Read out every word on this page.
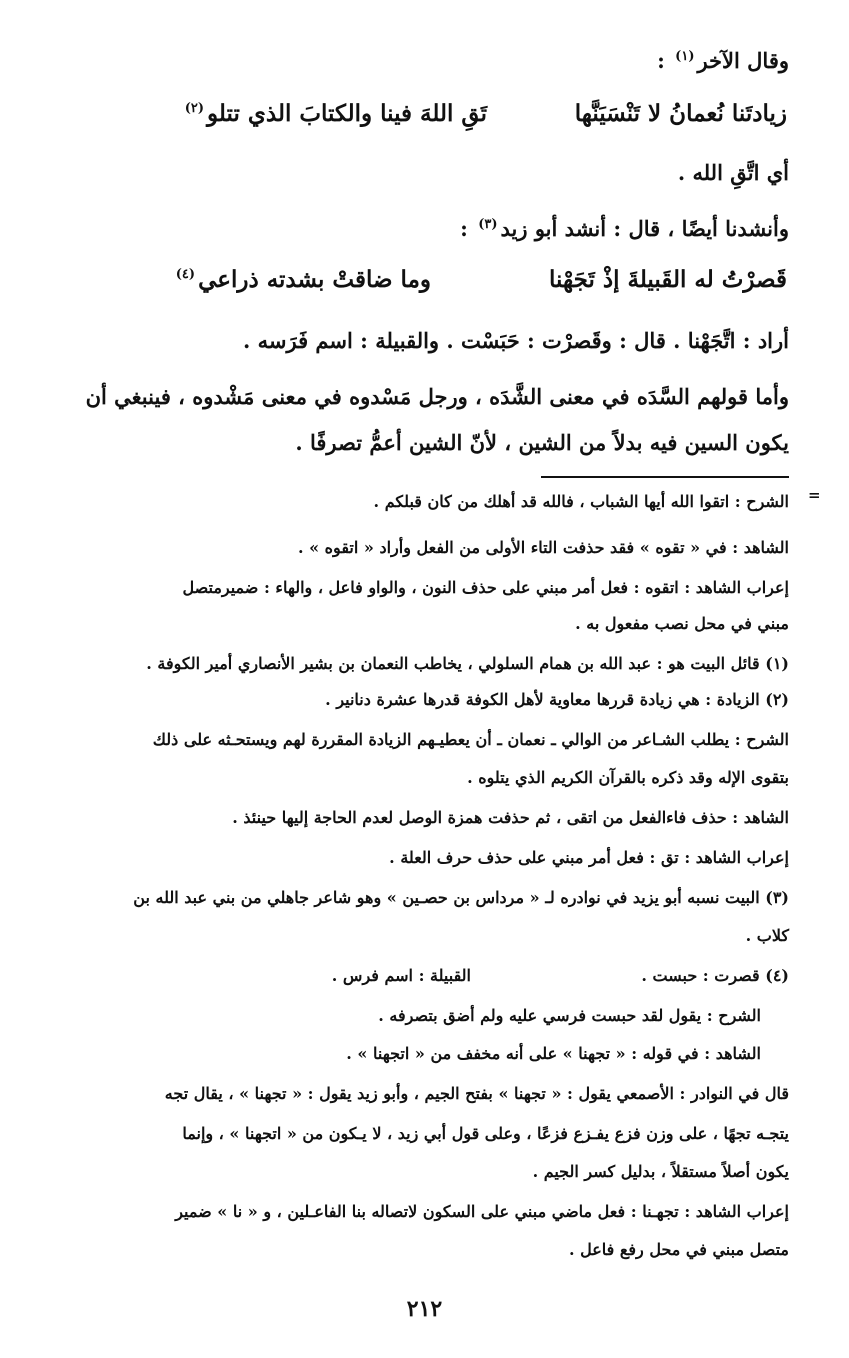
وقال الآخر$^{(١)}$ :
زيادتَنا نُعمانُ لا تَنْسَيَنَّها
تَقِ اللهَ فينا والكتابَ الذي تتلو$^{(٢)}$
أي اتَّقِ الله .
وأنشدنا أيضًا ، قال : أنشد أبو زيد$^{(٣)}$ :
قَصرْتُ له القَبيلةَ إذْ تَجَهْنا
وما ضاقتْ بشدته ذراعي$^{(٤)}$
أراد : اتَّجَهْنا . قال : وقَصرْت : حَبَسْت . والقبيلة : اسم فَرَسه .
وأما قولهم السَّدَه في معنى الشَّدَه ، ورجل مَسْدوه في معنى مَشْدوه ، فينبغي أن
يكون السين فيه بدلاً من الشين ، لأنّ الشين أعمُّ تصرفًا .
=
الشرح : اتقوا الله أيها الشباب ، فالله قد أهلك من كان قبلكم .
الشاهد : في « تقوه » فقد حذفت التاء الأولى من الفعل وأراد « اتقوه » .
إعراب الشاهد : اتقوه : فعل أمر مبني على حذف النون ، والواو فاعل ، والهاء : ضميرمتصل
مبني في محل نصب مفعول به .
(١) قائل البيت هو : عبد الله بن همام السلولي ، يخاطب النعمان بن بشير الأنصاري أمير الكوفة .
(٢) الزيادة : هي زيادة قررها معاوية لأهل الكوفة قدرها عشرة دنانير .
الشرح : يطلب الشـاعر من الوالي ـ نعمان ـ أن يعطيـهم الزيادة المقررة لهم ويستحـثه على ذلك
بتقوى الإله وقد ذكره بالقرآن الكريم الذي يتلوه .
الشاهد : حذف فاءالفعل من اتقى ، ثم حذفت همزة الوصل لعدم الحاجة إليها حينئذ .
إعراب الشاهد : تق : فعل أمر مبني على حذف حرف العلة .
(٣) البيت نسبه أبو يزيد في نوادره لـ « مرداس بن حصـين » وهو شاعر جاهلي من بني عبد الله بن
كلاب .
(٤) قصرت : حبست .
القبيلة : اسم فرس .
الشرح : يقول لقد حبست فرسي عليه ولم أضق بتصرفه .
الشاهد : في قوله : « تجهنا » على أنه مخفف من « اتجهنا » .
قال في النوادر : الأصمعي يقول : « تجهنا » بفتح الجيم ، وأبو زيد يقول : « تجهنا » ، يقال تجه
يتجـه تجهًا ، على وزن فزع يفـزع فزعًا ، وعلى قول أبي زيد ، لا يـكون من « اتجهنا » ، وإنما
يكون أصلاً مستقلاً ، بدليل كسر الجيم .
إعراب الشاهد : تجهـنا : فعل ماضي مبني على السكون لاتصاله بنا الفاعـلين ، و « نا » ضمير
متصل مبني في محل رفع فاعل .
٢١٢
